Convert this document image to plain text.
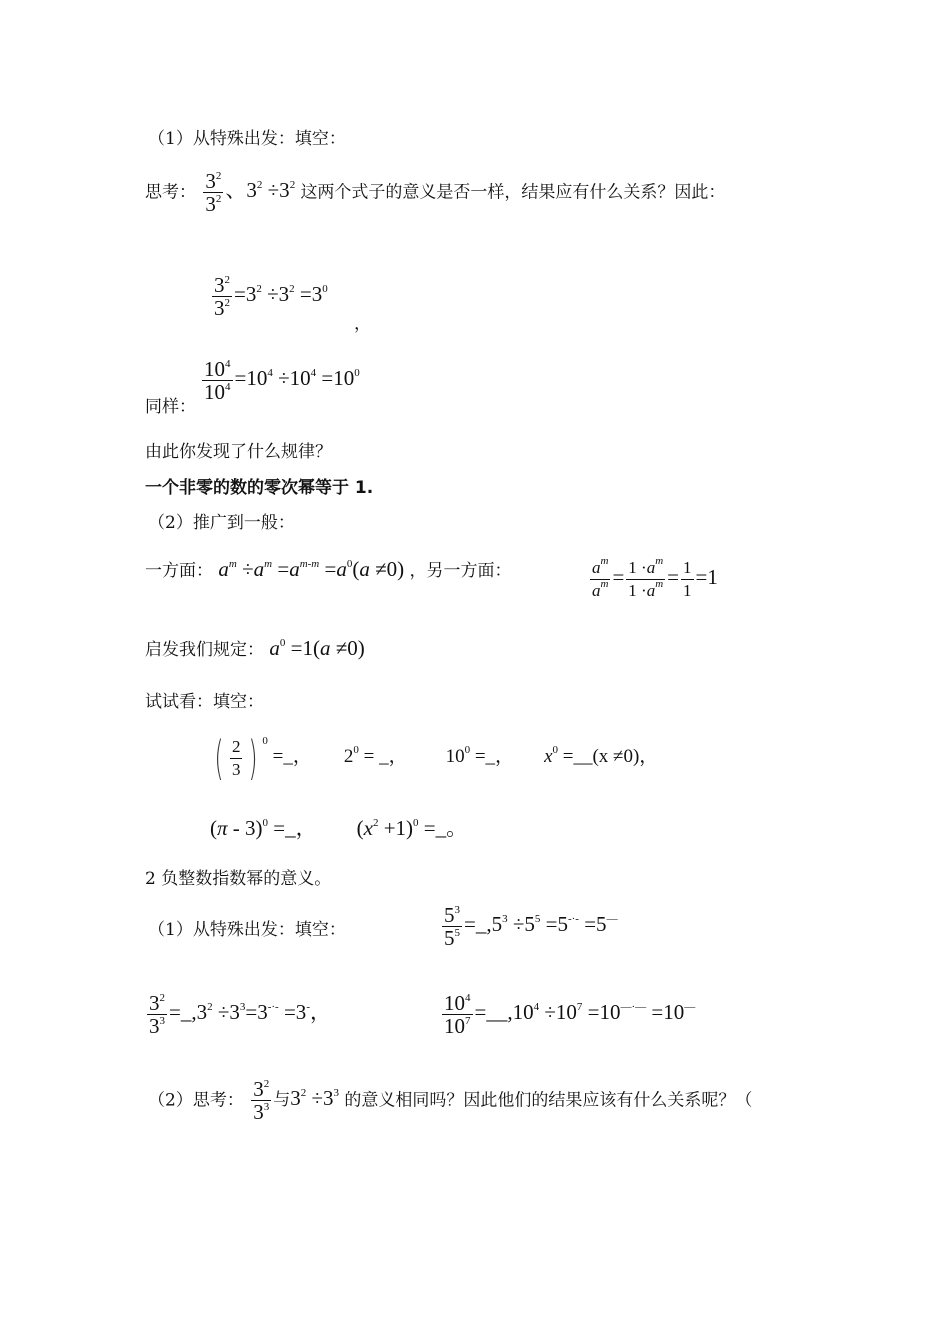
（1）从特殊出发：填空：
思考： $\frac{3^2}{3^2}$ 、$3^2 \div 3^2$ 这两个式子的意义是否一样，结果应有什么关系？因此：
$\frac{3^2}{3^2} =3^2 \div 3^2 =3^0$
，
同样：
$\frac{10^4}{10^4} =10^4 \div 10^4 =10^0$
由此你发现了什么规律？
一个非零的数的零次幂等于 1.
（2）推广到一般：
一方面： $a^m \div a^m =a^{m-m} =a^0(a \ne 0)$ ，另一方面：	$\frac{a^m}{a^m} = \frac{1 \cdot a^m}{1 \cdot a^m} = \frac{1}{1} =1$
启发我们规定： $a^0 =1(a \ne 0)$
试试看：填空：
( $\frac{2}{3}$ ) $^0$ =_， $2^0$ = _， $10^0$ =_， $x^0$ =__(x ≠0)，
(π - 3)$^0$ =_， $(x^2 +1)^0$ =_。
2 负整数指数幂的意义。
（1）从特殊出发：填空：	$\frac{5^3}{5^5}$ $=\_,5^3 \div 5^5 =5^{-\cdot-} =5^—$
$\frac{3^2}{3^3}$ $=\_,3^2 \div 3^3=3^{-\cdot-} =3^-$，	$\frac{10^4}{10^7}$ $=\_\_,10^4 \div 10^7 =10^{—\cdot—} =10^—$
（2）思考： $\frac{3^2}{3^3}$ 与$3^2 \div 3^3$ 的意义相同吗？因此他们的结果应该有什么关系呢？（
